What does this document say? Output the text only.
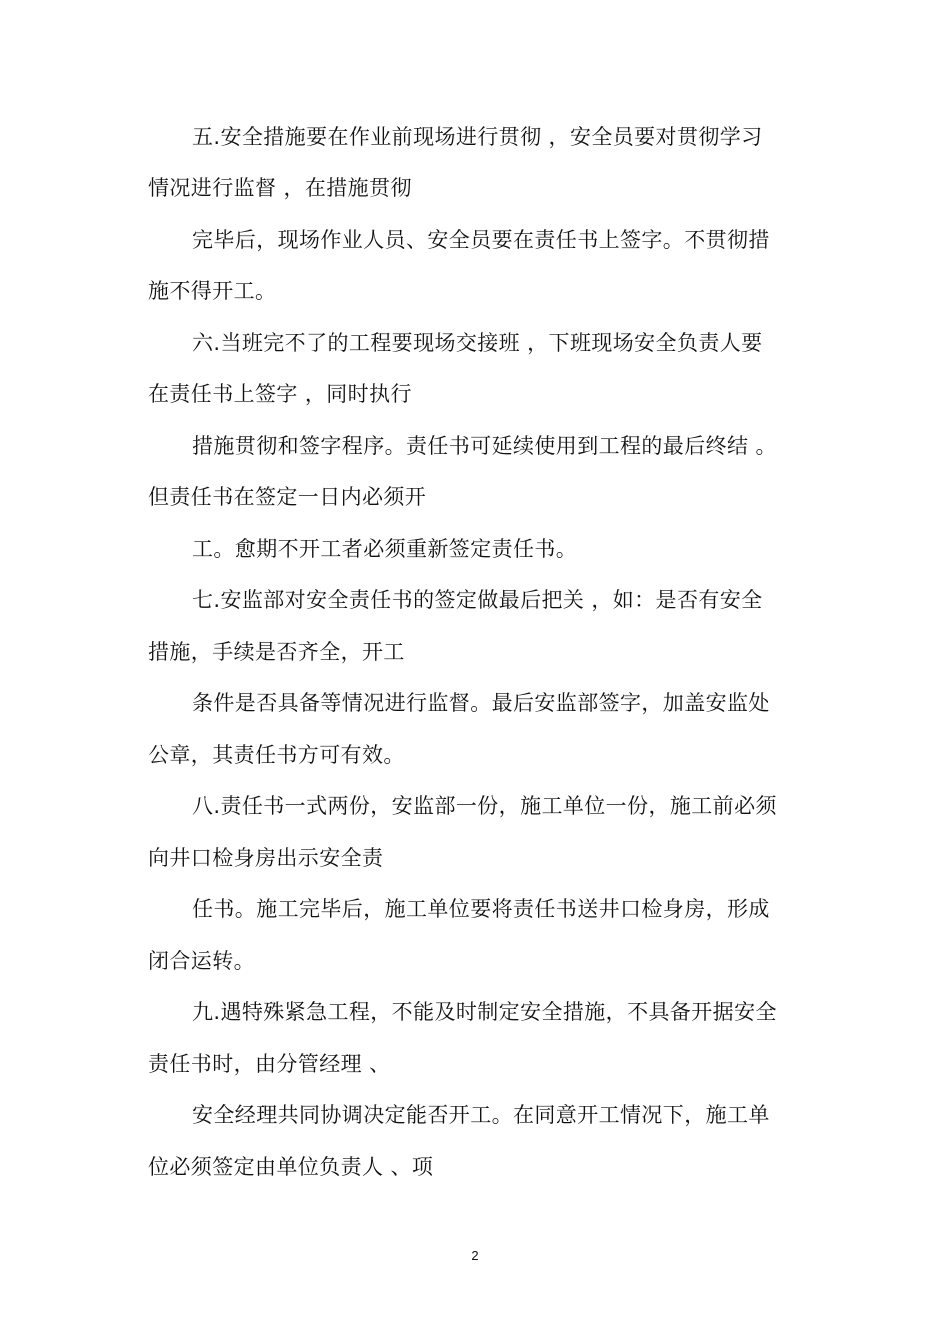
五.安全措施要在作业前现场进行贯彻 ，安全员要对贯彻学习
情况进行监督 ，在措施贯彻
完毕后，现场作业人员、安全员要在责任书上签字。不贯彻措
施不得开工。
六.当班完不了的工程要现场交接班 ，下班现场安全负责人要
在责任书上签字 ，同时执行
措施贯彻和签字程序。责任书可延续使用到工程的最后终结 。
但责任书在签定一日内必须开
工。愈期不开工者必须重新签定责任书。
七.安监部对安全责任书的签定做最后把关 ，如：是否有安全
措施，手续是否齐全，开工
条件是否具备等情况进行监督。最后安监部签字，加盖安监处
公章，其责任书方可有效。
八.责任书一式两份，安监部一份，施工单位一份，施工前必须
向井口检身房出示安全责
任书。施工完毕后，施工单位要将责任书送井口检身房，形成
闭合运转。
九.遇特殊紧急工程，不能及时制定安全措施，不具备开据安全
责任书时，由分管经理 、
安全经理共同协调决定能否开工。在同意开工情况下，施工单
位必须签定由单位负责人 、项
2
